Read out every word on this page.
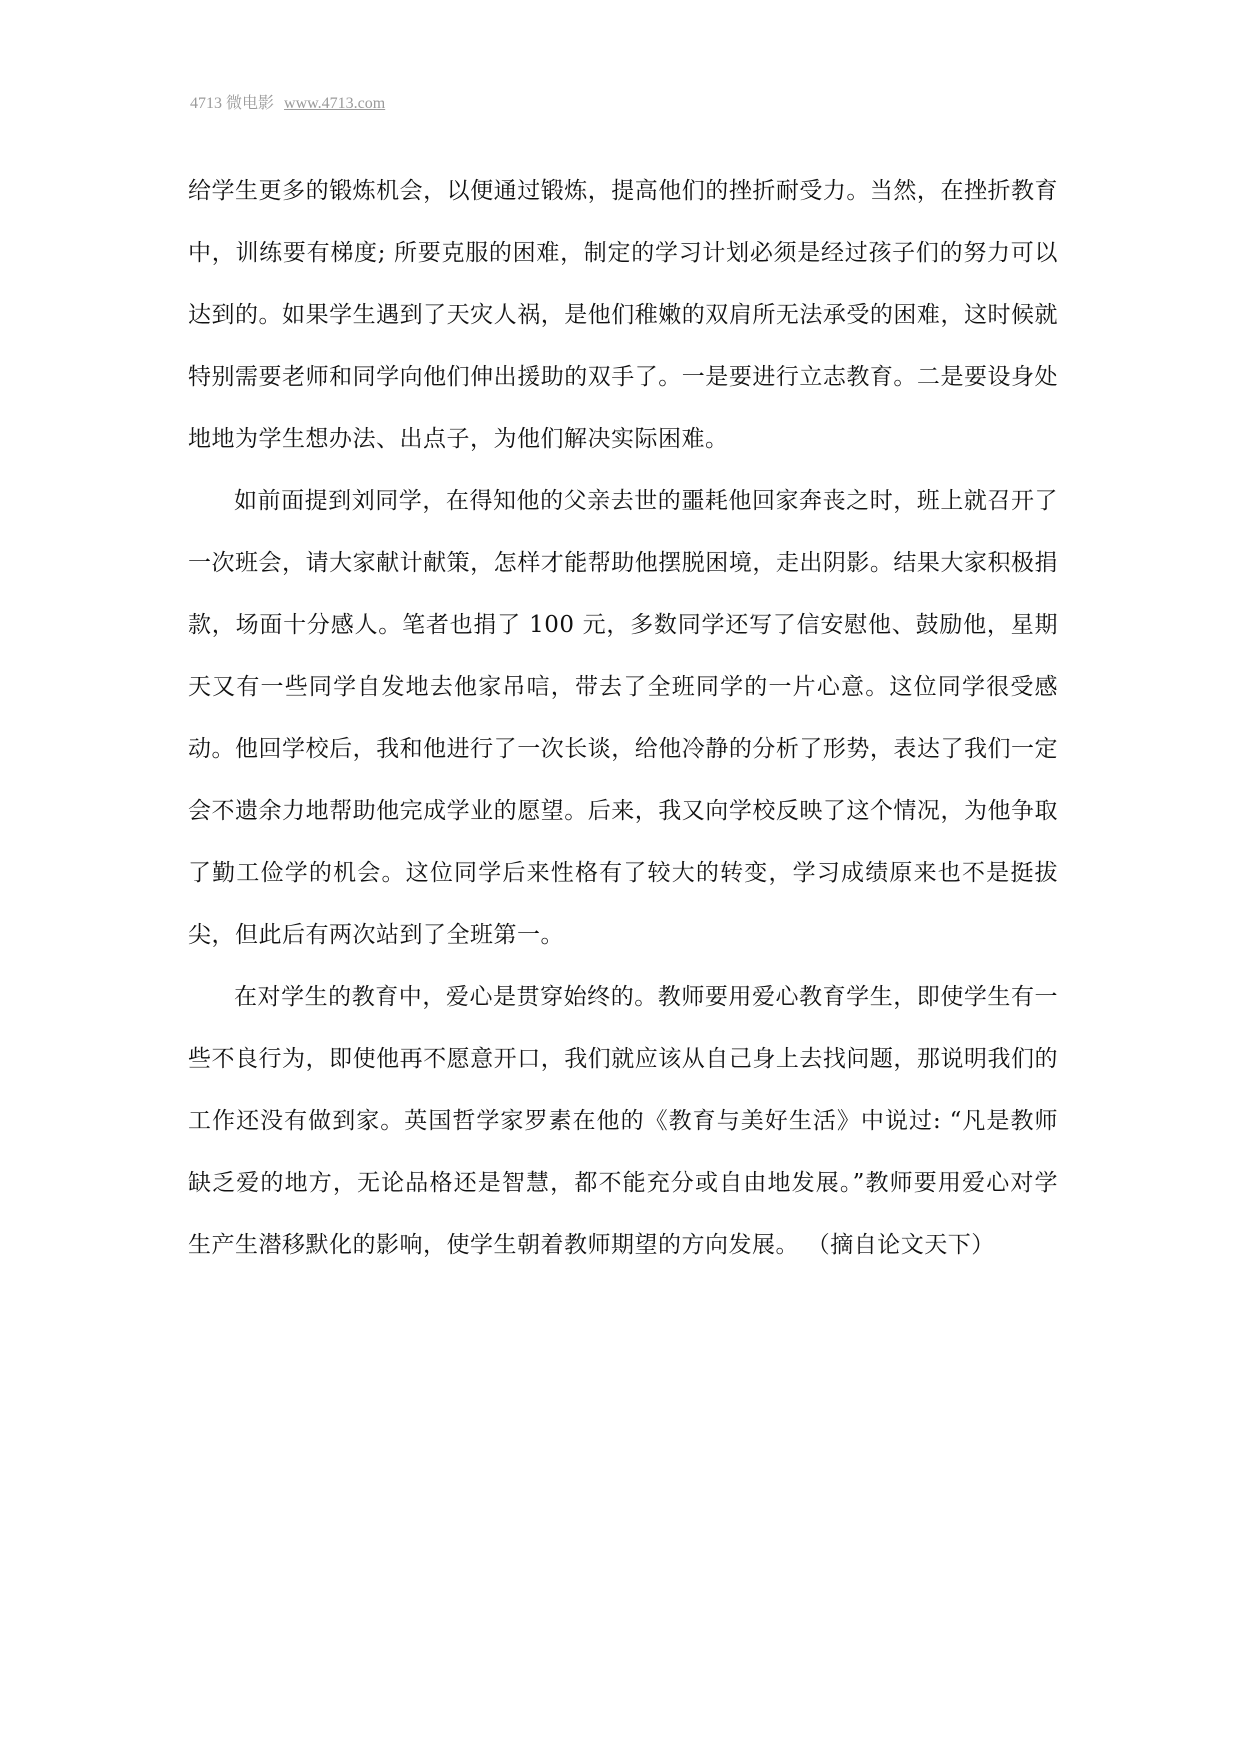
4713 微电影 www.4713.com

给学生更多的锻炼机会，以便通过锻炼，提高他们的挫折耐受力。当然，在挫折教育中，训练要有梯度; 所要克服的困难，制定的学习计划必须是经过孩子们的努力可以达到的。如果学生遇到了天灾人祸，是他们稚嫩的双肩所无法承受的困难，这时候就特别需要老师和同学向他们伸出援助的双手了。一是要进行立志教育。二是要设身处地地为学生想办法、出点子，为他们解决实际困难。

如前面提到刘同学，在得知他的父亲去世的噩耗他回家奔丧之时，班上就召开了一次班会，请大家献计献策，怎样才能帮助他摆脱困境，走出阴影。结果大家积极捐款，场面十分感人。笔者也捐了 100 元，多数同学还写了信安慰他、鼓励他，星期天又有一些同学自发地去他家吊唁，带去了全班同学的一片心意。这位同学很受感动。他回学校后，我和他进行了一次长谈，给他冷静的分析了形势，表达了我们一定会不遗余力地帮助他完成学业的愿望。后来，我又向学校反映了这个情况，为他争取了勤工俭学的机会。这位同学后来性格有了较大的转变，学习成绩原来也不是挺拔尖，但此后有两次站到了全班第一。

在对学生的教育中，爱心是贯穿始终的。教师要用爱心教育学生，即使学生有一些不良行为，即使他再不愿意开口，我们就应该从自己身上去找问题，那说明我们的工作还没有做到家。英国哲学家罗素在他的《教育与美好生活》中说过: “凡是教师缺乏爱的地方，无论品格还是智慧，都不能充分或自由地发展。”教师要用爱心对学生产生潜移默化的影响，使学生朝着教师期望的方向发展。 （摘自论文天下）
